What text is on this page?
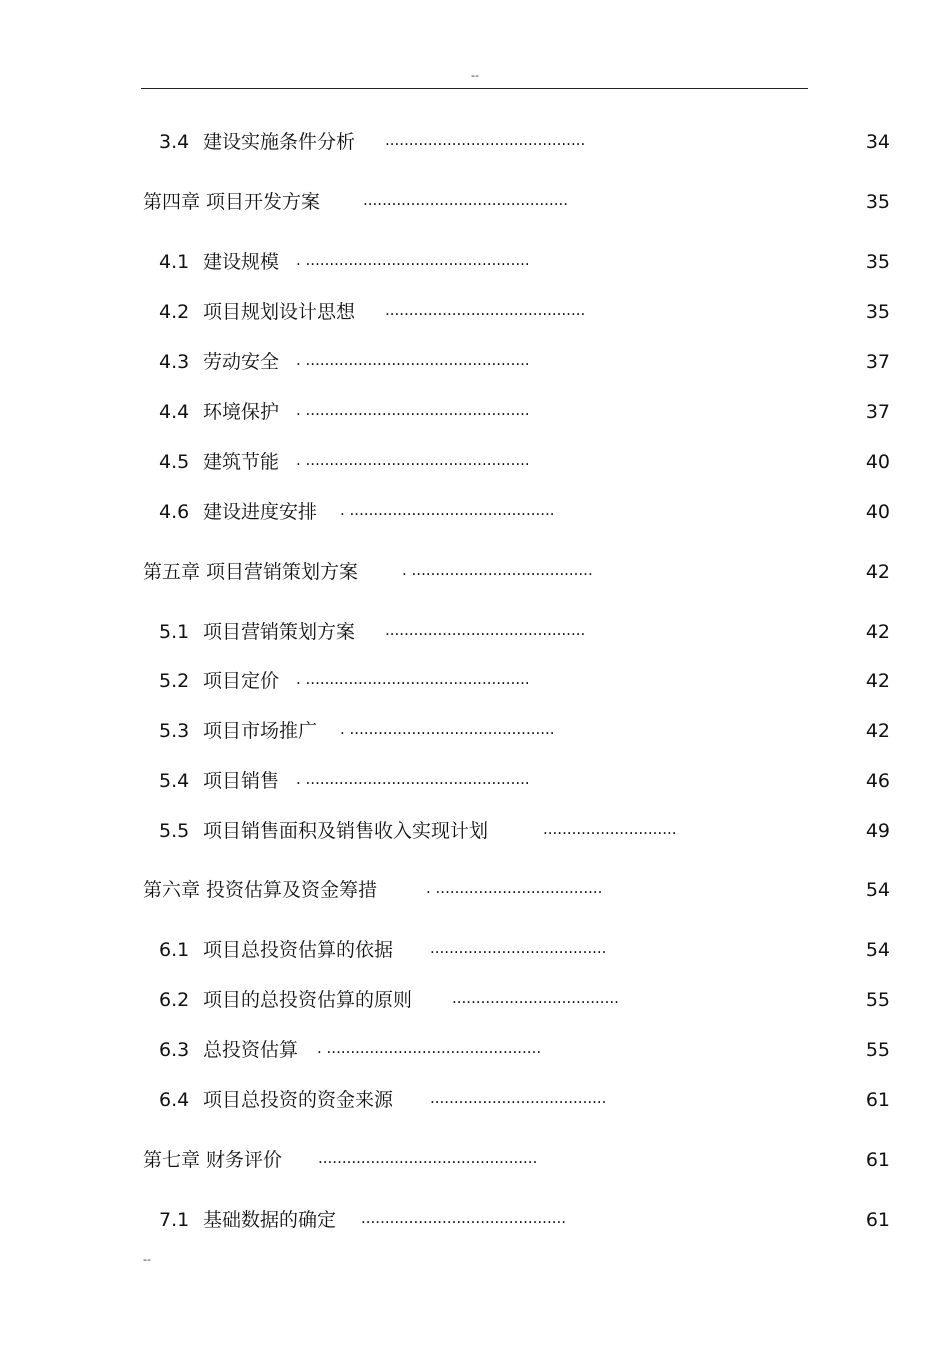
--
3.4 建设实施条件分析 ..........................................	34
第四章 项目开发方案	...........................................	35
4.1 建设规模 . ...............................................	35
4.2 项目规划设计思想 ..........................................	35
4.3 劳动安全 . ...............................................	37
4.4 环境保护 . ...............................................	37
4.5 建筑节能 . ...............................................	40
4.6 建设进度安排 . ...........................................	40
第五章 项目营销策划方案	. ......................................	42
5.1 项目营销策划方案 ..........................................	42
5.2 项目定价 . ...............................................	42
5.3 项目市场推广 . ...........................................	42
5.4 项目销售 . ...............................................	46
5.5 项目销售面积及销售收入实现计划	............................	49
第六章 投资估算及资金筹措	. ...................................	54
6.1 项目总投资估算的依据 .....................................	54
6.2 项目的总投资估算的原则	...................................	55
6.3 总投资估算 . .............................................	55
6.4 项目总投资的资金来源 .....................................	61
第七章 财务评价 ..............................................	61
7.1 基础数据的确定 ...........................................	61
--
